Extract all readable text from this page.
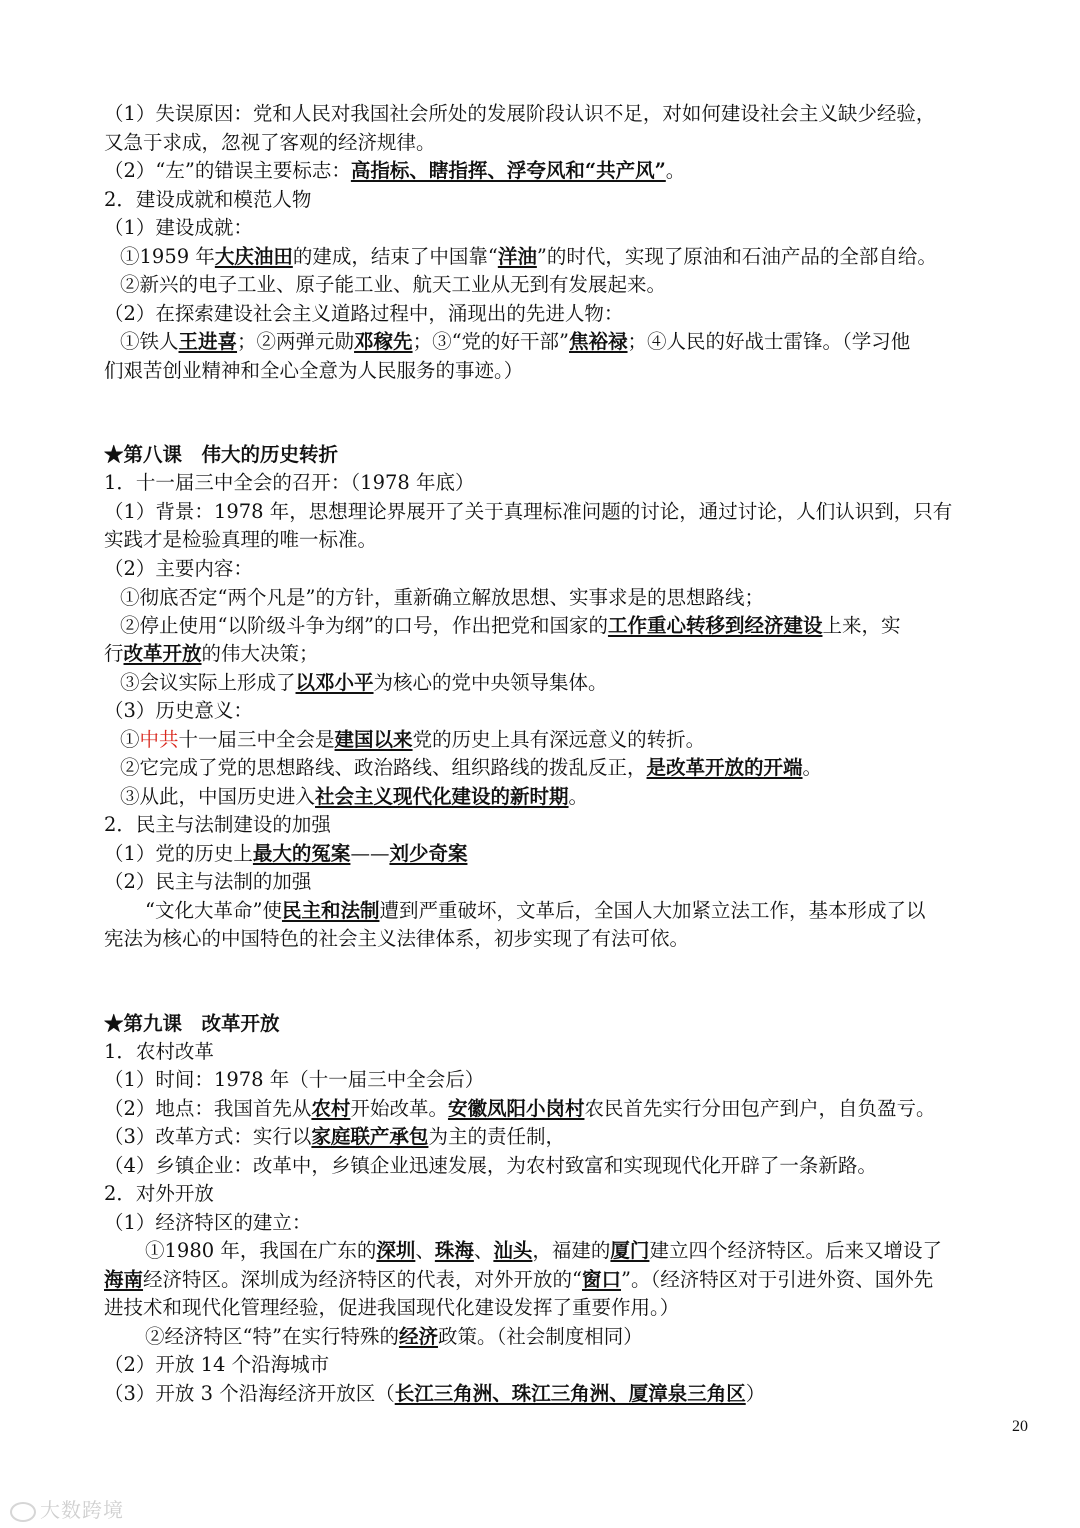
（1）失误原因：党和人民对我国社会所处的发展阶段认识不足，对如何建设社会主义缺少经验，
又急于求成，忽视了客观的经济规律。
（2）“左”的错误主要标志：高指标、瞎指挥、浮夸风和“共产风”。
2．建设成就和模范人物
（1）建设成就：
①1959 年大庆油田的建成，结束了中国靠“洋油”的时代，实现了原油和石油产品的全部自给。
②新兴的电子工业、原子能工业、航天工业从无到有发展起来。
（2）在探索建设社会主义道路过程中，涌现出的先进人物：
①铁人王进喜；②两弹元勋邓稼先；③“党的好干部”焦裕禄；④人民的好战士雷锋。（学习他
们艰苦创业精神和全心全意为人民服务的事迹。）
★第八课　伟大的历史转折
1．十一届三中全会的召开：（1978 年底）
（1）背景：1978 年，思想理论界展开了关于真理标准问题的讨论，通过讨论，人们认识到，只有
实践才是检验真理的唯一标准。
（2）主要内容：
①彻底否定“两个凡是”的方针，重新确立解放思想、实事求是的思想路线；
②停止使用“以阶级斗争为纲”的口号，作出把党和国家的工作重心转移到经济建设上来，实
行改革开放的伟大决策；
③会议实际上形成了以邓小平为核心的党中央领导集体。
（3）历史意义：
①中共十一届三中全会是建国以来党的历史上具有深远意义的转折。
②它完成了党的思想路线、政治路线、组织路线的拨乱反正，是改革开放的开端。
③从此，中国历史进入社会主义现代化建设的新时期。
2．民主与法制建设的加强
（1）党的历史上最大的冤案——刘少奇案
（2）民主与法制的加强
“文化大革命”使民主和法制遭到严重破坏，文革后，全国人大加紧立法工作，基本形成了以
宪法为核心的中国特色的社会主义法律体系，初步实现了有法可依。
★第九课　改革开放
1．农村改革
（1）时间：1978 年（十一届三中全会后）
（2）地点：我国首先从农村开始改革。安徽凤阳小岗村农民首先实行分田包产到户，自负盈亏。
（3）改革方式：实行以家庭联产承包为主的责任制，
（4）乡镇企业：改革中，乡镇企业迅速发展，为农村致富和实现现代化开辟了一条新路。
2．对外开放
（1）经济特区的建立：
①1980 年，我国在广东的深圳、珠海、汕头，福建的厦门建立四个经济特区。后来又增设了
海南经济特区。深圳成为经济特区的代表，对外开放的“窗口”。（经济特区对于引进外资、国外先
进技术和现代化管理经验，促进我国现代化建设发挥了重要作用。）
②经济特区“特”在实行特殊的经济政策。（社会制度相同）
（2）开放 14 个沿海城市
（3）开放 3 个沿海经济开放区（长江三角洲、珠江三角洲、厦漳泉三角区）
20
大数跨境
